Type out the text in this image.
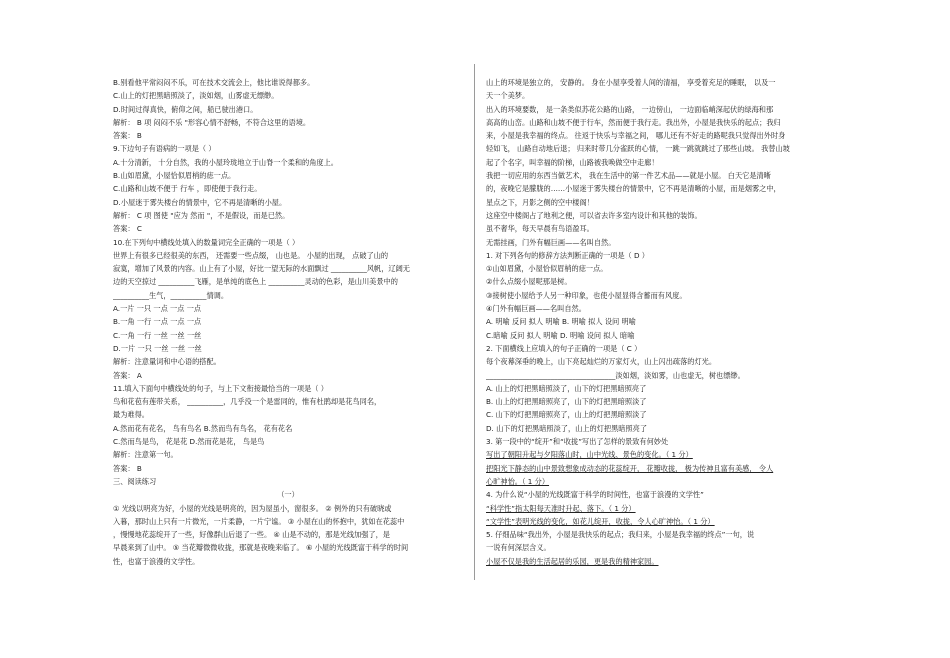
B.别看他平常闷闷不乐，可在技术交流会上，他比谁说得都多。
C.山上的灯把黑暗照淡了，淡如烟，山雾虚无缥缈。
D.时间过得真快，俯仰之间，船已驶出港口。
解析： B 项 闷闷不乐 "形容心情不舒畅，不符合这里的语境。
答案： B
9.下边句子有语病的一项是（ ）
A.十分清新， 十分自然，我的小屋玲珑地立于山脊一个柔和的角度上。
B.山如眉黛，小屋恰似眉梢的痣一点。
C.山路和山坡不便于 行车 ，即使便于我行走。
D.小屋迷于雾失楼台的情景中，它不再是清晰的小屋。
解析： C 项 图使 "应为 然而 "，不是假设，而是已然。
答案： C
10.在下列句中横线处填入的数量词完全正确的一项是（ ）
世界上有很多已经很美的东西， 还需要一些点缀， 山也是。 小屋的出现， 点破了山的
寂寞，增加了风景的内容。山上有了小屋，好比一望无际的水面飘过 __________风帆，辽阔无
边的天空掠过 __________飞雁，是单纯的底色上 __________灵动的色彩，是山川美景中的
__________生气，__________情调。
A.一片 一只 一点 一点 一点
B.一角 一行 一点 一点 一点
C.一角 一行 一丝 一丝 一丝
D.一片 一只 一丝 一丝 一丝
解析：注意量词和中心语的搭配。
答案： A
11.填入下面句中横线处的句子，与上下文衔接最恰当的一项是（ ）
鸟和花苞有莲带关系， __________，几乎没一个是雷同的，惟有杜鹃却是花鸟同名，
最为难得。
A.然而花有花名， 鸟有鸟名 B.然而鸟有鸟名， 花有花名
C.然而鸟是鸟， 花是花 D.然而花是花， 鸟是鸟
解析：注意第一句。
答案： B
三、阅读练习
（一）
① 光线以明亮为好，小屋的光线是明亮的，因为屋虽小，窗很多。 ② 例外的只有破晓或
入暮，那时山上只有一片微光，一片柔静，一片宁谧。 ③ 小屋在山的怀抱中，犹如在花蕊中
，慢慢地花蕊绽开了一些，好像群山后退了一些。 ④ 山是不动的，那是光线加强了，是
早晨来到了山中。 ⑤ 当花瓣微微收拢，那就是夜晚来临了。 ⑥ 小屋的光线既富于科学的时间
性，也富于浪漫的文学性。
山上的环境是独立的， 安静的。 身在小屋享受着人间的清福， 享受着充足的睡眠， 以及一
天一个美梦。
出入的环境要数， 是一条类似苏花公路的山路， 一边傍山， 一边面临峭深起伏的绿海和那
高高的山峦。山路和山坡不便于行车，然而便于我行走。我出外，小屋是我快乐的起点；我归
来，小屋是我幸福的终点。 往返于快乐与幸福之间， 哪儿还有不好走的路呢我只觉得出外时身
轻如飞， 山路自动地后退； 归来时带几分雀跃的心情， 一跳一跳就跳过了那些山坡。 我替山坡
起了个名字，叫幸福的阶梯，山路被我唤做空中走廊！
我把一切应用的东西当做艺术， 我在生活中的第一件艺术品——就是小屋。 白天它是清晰
的，夜晚它是朦胧的……小屋迷于雾失楼台的情景中，它不再是清晰的小屋，而是烟雾之中，
星点之下，月影之侧的空中楼阁！
这座空中楼阁占了地利之便，可以省去许多室内设计和其他的装饰。
虽不奢华，每天早晨有鸟语盈耳。
无需挂画，门外有幅巨画——名叫自然。
1. 对下列各句的修辞方法判断正确的一项是（ D ）
①山如眉黛，小屋恰似眉梢的痣一点。
②什么点缀小屋呢那是树。
③接树使小屋给予人另一种印象，也使小屋显得含蓄而有风度。
④门外有幅巨画——名叫自然。
A. 明喻 反问 拟人 明喻 B. 明喻 拟人 设问 明喻
C.暗喻 反问 拟人 明喻 D. 明喻 设问 拟人 暗喻
2. 下面横线上应填入的句子正确的一项是（ C ）
每个夜幕深垂的晚上，山下亮起灿烂的万家灯火，山上闪出疏落的灯光。
____________________________________淡如烟，淡如雾，山也虚无，树也缥缈。
A. 山上的灯把黑暗照淡了，山下的灯把黑暗照亮了
B. 山上的灯把黑暗照亮了，山下的灯把黑暗照淡了
C. 山下的灯把黑暗照亮了，山上的灯把黑暗照淡了
D. 山下的灯把黑暗照淡了，山上的灯把黑暗照亮了
3. 第一段中的“绽开”和“收拢”写出了怎样的景致有何妙处
写出了朝阳升起与夕阳落山时，山中光线、景色的变化。（ 1 分）
把阳光下静态的山中景致想象成动态的花蕊绽开， 花瓣收拢， 极为传神且富有美感， 令人
心旷神怡。（ 1 分）
4. 为什么说“小屋的光线既富于科学的时间性，也富于浪漫的文学性”
“科学性”指太阳每天准时升起、落下。（ 1 分）
“文学性”表明光线的变化，如花儿绽开，收拢，令人心旷神怡。（ 1 分）
5. 仔细品味“我出外，小屋是我快乐的起点；我归来，小屋是我幸福的终点”一句，说
一说有何深层含义。
小屋不仅是我的生活起居的乐园，更是我的精神家园。
